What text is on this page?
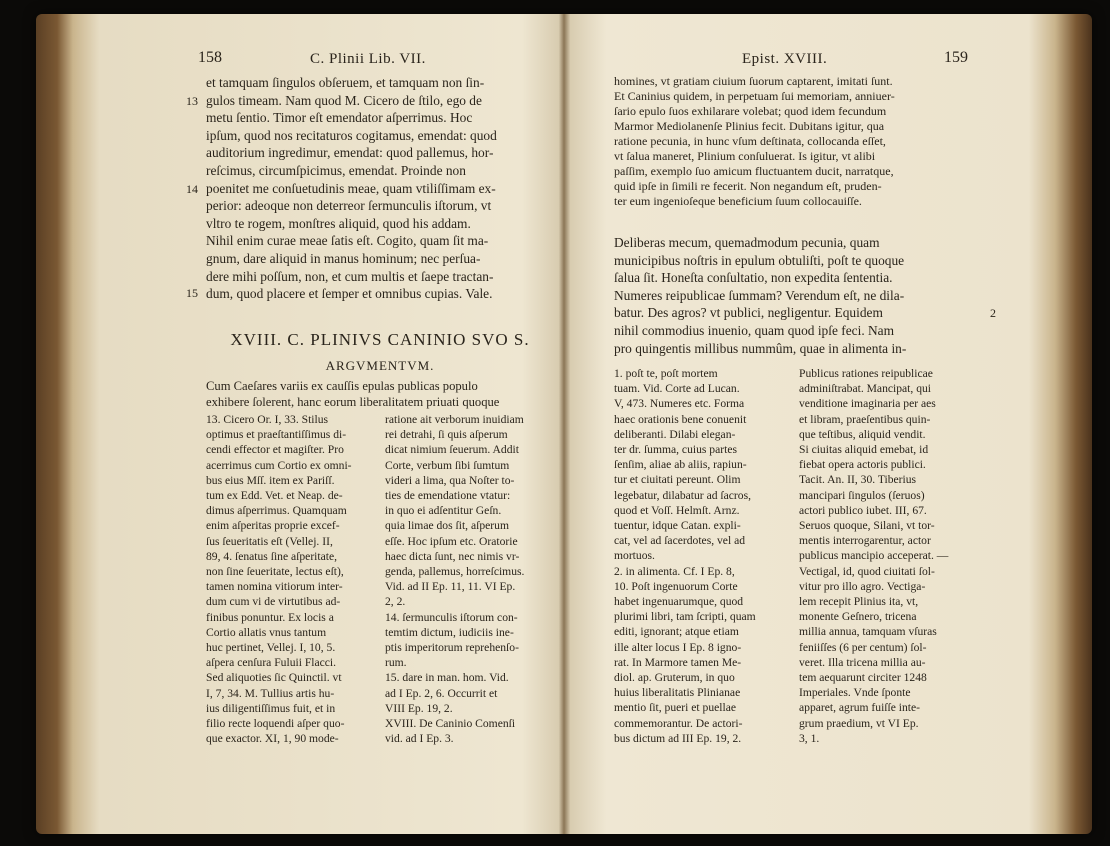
158	C. Plinii Lib. VII.
et tamquam ſingulos obſeruem, et tamquam non ſin-
gulos timeam. Nam quod M. Cicero de ſtilo, ego de
metu ſentio. Timor eſt emendator aſperrimus. Hoc
ipſum, quod nos recitaturos cogitamus, emendat: quod
auditorium ingredimur, emendat: quod pallemus, hor-
reſcimus, circumſpicimus, emendat. Proinde non
poenitet me conſuetudinis meae, quam vtiliſſimam ex-
perior: adeoque non deterreor ſermunculis iſtorum, vt
vltro te rogem, monſtres aliquid, quod his addam.
Nihil enim curae meae ſatis eſt. Cogito, quam ſit ma-
gnum, dare aliquid in manus hominum; nec perſua-
dere mihi poſſum, non, et cum multis et ſaepe tractan-
dum, quod placere et ſemper et omnibus cupias. Vale.
13
14
15
XVIII. C. PLINIVS CANINIO SVO S.
ARGVMENTVM.
Cum Caeſares variis ex cauſſis epulas publicas populo
exhibere ſolerent, hanc eorum liberalitatem priuati quoque
13. Cicero Or. I, 33. Stilus
optimus et praeſtantiſſimus di-
cendi effector et magiſter. Pro
acerrimus cum Cortio ex omni-
bus eius Mſſ. item ex Pariſſ.
tum ex Edd. Vet. et Neap. de-
dimus aſperrimus. Quamquam
enim aſperitas proprie excef-
ſus ſeueritatis eſt (Vellej. II,
89, 4. ſenatus ſine aſperitate,
non ſine ſeueritate, lectus eſt),
tamen nomina vitiorum inter-
dum cum vi de virtutibus ad-
finibus ponuntur. Ex locis a
Cortio allatis vnus tantum
huc pertinet, Vellej. I, 10, 5.
aſpera cenſura Fuluii Flacci.
Sed aliquoties ſic Quinctil. vt
I, 7, 34. M. Tullius artis hu-
ius diligentiſſimus fuit, et in
filio recte loquendi aſper quo-
que exactor. XI, 1, 90 mode-
ratione ait verborum inuidiam
rei detrahi, ſi quis aſperum
dicat nimium ſeuerum. Addit
Corte, verbum ſibi ſumtum
videri a lima, qua Noſter to-
ties de emendatione vtatur:
in quo ei adſentitur Geſn.
quia limae dos ſit, aſperum
eſſe. Hoc ipſum etc. Oratorie
haec dicta ſunt, nec nimis vr-
genda, pallemus, horreſcimus.
Vid. ad II Ep. 11, 11. VI Ep.
2, 2.
14. ſermunculis iſtorum con-
temtim dictum, iudiciis ine-
ptis imperitorum reprehenſo-
rum.
15. dare in man. hom. Vid.
ad I Ep. 2, 6. Occurrit et
VIII Ep. 19, 2.
XVIII. De Caninio Comenſi
vid. ad I Ep. 3.
Epist. XVIII.	159
homines, vt gratiam ciuium ſuorum captarent, imitati ſunt.
Et Caninius quidem, in perpetuam ſui memoriam, anniuer-
ſario epulo ſuos exhilarare volebat; quod idem fecundum
Marmor Mediolanenſe Plinius fecit. Dubitans igitur, qua
ratione pecunia, in hunc vſum deſtinata, collocanda eſſet,
vt ſalua maneret, Plinium conſuluerat. Is igitur, vt alibi
paſſim, exemplo ſuo amicum fluctuantem ducit, narratque,
quid ipſe in ſimili re fecerit. Non negandum eſt, pruden-
ter eum ingenioſeque beneficium ſuum collocauiſſe.
Deliberas mecum, quemadmodum pecunia, quam
municipibus noſtris in epulum obtuliſti, poſt te quoque
ſalua ſit. Honeſta conſultatio, non expedita ſententia.
Numeres reipublicae ſummam? Verendum eſt, ne dila-
batur. Des agros? vt publici, negligentur. Equidem
nihil commodius inuenio, quam quod ipſe feci. Nam
pro quingentis millibus nummûm, quae in alimenta in-
2
1. poſt te, poſt mortem
tuam. Vid. Corte ad Lucan.
V, 473. Numeres etc. Forma
haec orationis bene conuenit
deliberanti. Dilabi elegan-
ter dr. ſumma, cuius partes
ſenſim, aliae ab aliis, rapiun-
tur et ciuitati pereunt. Olim
legebatur, dilabatur ad ſacros,
quod et Voſſ. Helmſt. Arnz.
tuentur, idque Catan. expli-
cat, vel ad ſacerdotes, vel ad
mortuos.
2. in alimenta. Cf. I Ep. 8,
10. Poſt ingenuorum Corte
habet ingenuarumque, quod
plurimi libri, tam ſcripti, quam
editi, ignorant; atque etiam
ille alter locus I Ep. 8 igno-
rat. In Marmore tamen Me-
diol. ap. Gruterum, in quo
huius liberalitatis Plinianae
mentio ſit, pueri et puellae
commemorantur. De actori-
bus dictum ad III Ep. 19, 2.
Publicus rationes reipublicae
adminiſtrabat. Mancipat, qui
venditione imaginaria per aes
et libram, praeſentibus quin-
que teſtibus, aliquid vendit.
Si ciuitas aliquid emebat, id
fiebat opera actoris publici.
Tacit. An. II, 30. Tiberius
mancipari ſingulos (ſeruos)
actori publico iubet. III, 67.
Seruos quoque, Silani, vt tor-
mentis interrogarentur, actor
publicus mancipio acceperat. —
Vectigal, id, quod ciuitati ſol-
vitur pro illo agro. Vectiga-
lem recepit Plinius ita, vt,
monente Geſnero, tricena
millia annua, tamquam vſuras
feniiſſes (6 per centum) ſol-
veret. Illa tricena millia au-
tem aequarunt circiter 1248
Imperiales. Vnde ſponte
apparet, agrum fuiſſe inte-
grum praedium, vt VI Ep.
3, 1.
